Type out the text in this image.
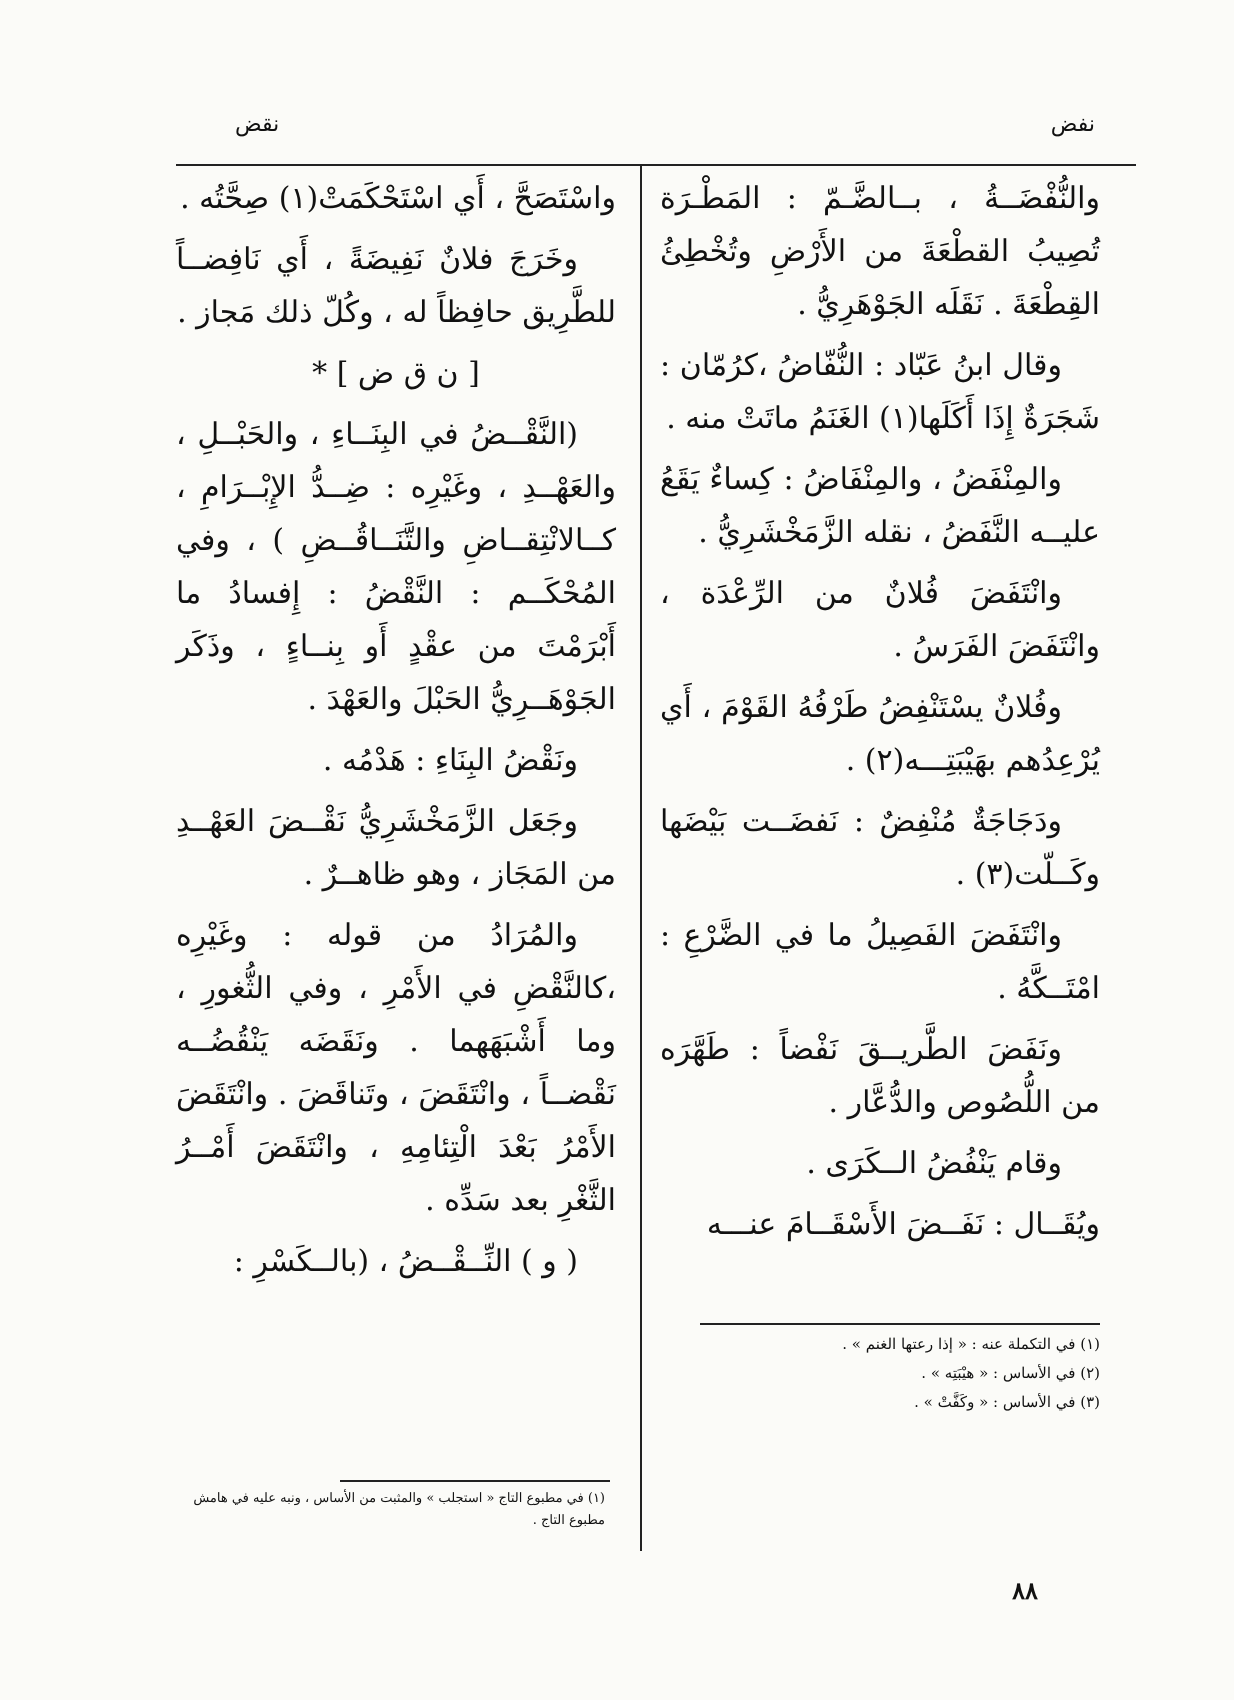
نفض
نقض

والنُّفْضَــةُ ، بــالضَّـمّ : المَطْـرَة تُصِيبُ القطْعَةَ من الأَرْضِ وتُخْطِئُ القِطْعَةَ . نَقَلَه الجَوْهَرِيُّ .

وقال ابنُ عَبّاد : النُّفّاضُ ،كرُمّان : شَجَرَةٌ إِذَا أَكَلَها(١) الغَنَمُ ماتَتْ منه .

والمِنْفَضُ ، والمِنْفَاضُ : كِساءٌ يَقَعُ عليــه النَّفَضُ ، نقله الزَّمَخْشَرِيُّ .

وانْتَفَضَ فُلانٌ من الرِّعْدَة ، وانْتَفَضَ الفَرَسُ .

وفُلانٌ يسْتَنْفِضُ طَرْفُهُ القَوْمَ ، أَي يُرْعِدُهم بهَيْبَتِـــه(٢) .

ودَجَاجَةٌ مُنْفِضٌ : نَفضَــت بَيْضَها وكَــلّت(٣) .

وانْتَفَضَ الفَصِيلُ ما في الضَّرْعِ : امْتَــكَّهُ .

ونَفَضَ الطَّريــقَ نَفْضاً : طَهَّرَه من اللُّصُوص والدُّعَّار .

وقام يَنْفُضُ الــكَرَى .

ويُقَــال : نَفَــضَ الأَسْقَــامَ عنـــه

(١) في التكملة عنه : « إذا رعتها الغنم » .

(٢) في الأساس : « هيْبَتِه » .

(٣) في الأساس : « وكَفَّتْ » .

واسْتَصَحَّ ، أَي اسْتَحْكَمَتْ(١) صِحَّتُه .

وخَرَجَ فلانٌ نَفِيضَةً ، أَي نَافِضــاً للطَّرِيق حافِظاً له ، وكُلّ ذلك مَجاز .

[ ن ق ض ] *

(النَّقْــضُ في البِنَــاءِ ، والحَبْــلِ ، والعَهْــدِ ، وغَيْرِه : ضِــدُّ الإِبْــرَامِ ، كــالانْتِقــاضِ والتَّنَــاقُــضِ ) ، وفي المُحْكَــم : النَّقْضُ : إِفسادُ ما أَبْرَمْتَ من عقْدٍ أَو بِنــاءٍ ، وذَكَر الجَوْهَــرِيُّ الحَبْلَ والعَهْدَ .

ونَقْضُ البِنَاءِ : هَدْمُه .

وجَعَل الزَّمَخْشَرِيُّ نَقْــضَ العَهْــدِ من المَجَاز ، وهو ظاهــرٌ .

والمُرَادُ من قوله : وغَيْرِه ،كالنَّقْضِ في الأَمْرِ ، وفي الثُّغورِ ، وما أَشْبَهَهما . ونَقَضَه يَنْقُضُــه نَقْضــاً ، وانْتَقَضَ ، وتَناقَضَ . وانْتَقَضَ الأَمْرُ بَعْدَ الْتِئامِهِ ، وانْتَقَضَ أَمْــرُ الثَّغْرِ بعد سَدِّه .

( و ) النِّــقْــضُ ، (بالــكَسْرِ :

(١) في مطبوع التاج « استجلب » والمثبت من الأساس ، ونبه عليه في هامش مطبوع التاج .

٨٨
